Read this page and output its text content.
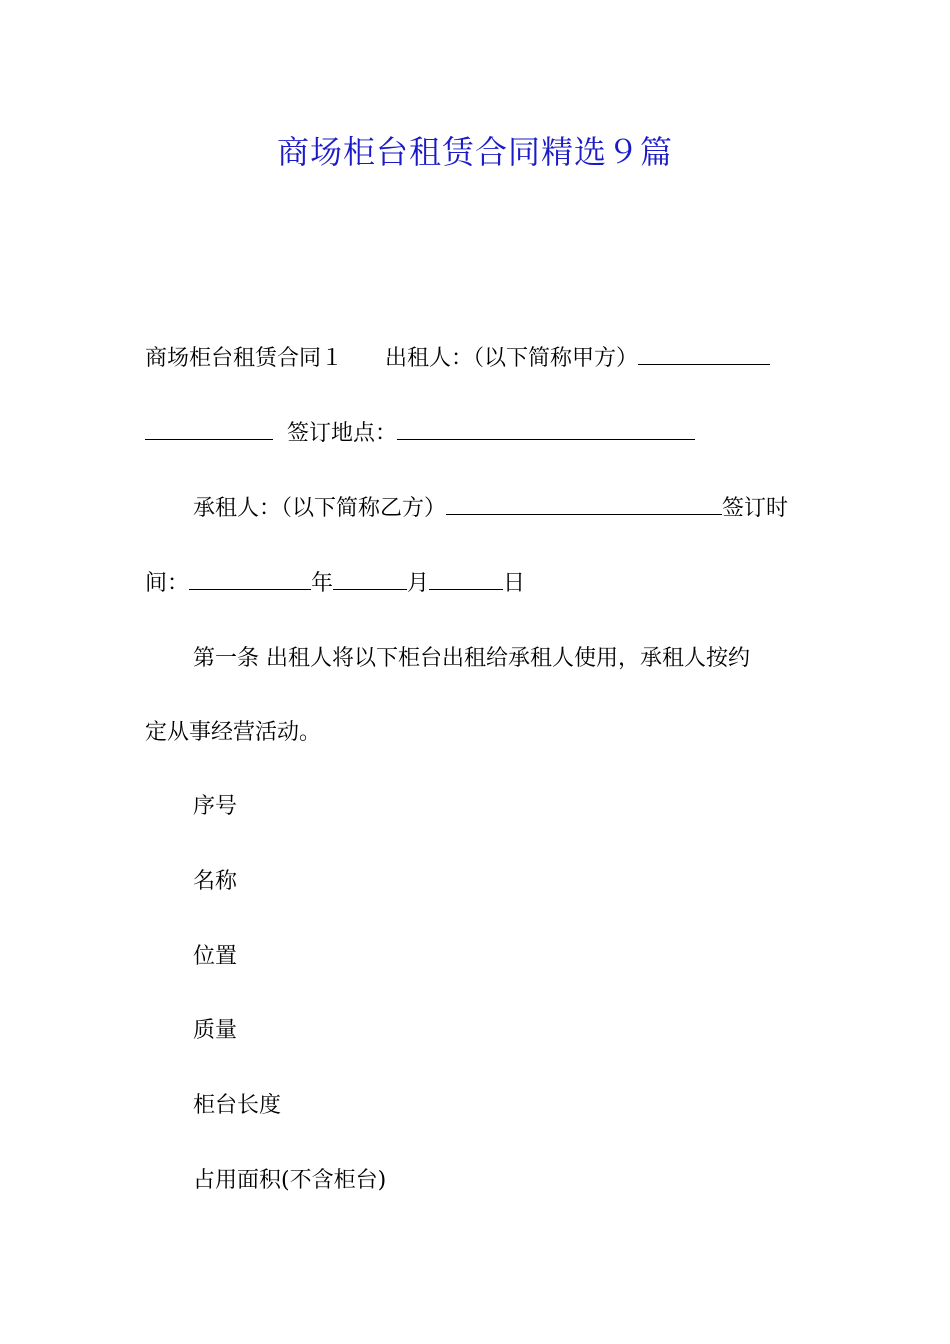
商场柜台租赁合同精选９篇
商场柜台租赁合同１ 出租人：（以下简称甲方）
签订地点：
承租人：（以下简称乙方）	签订时
间：	年	月	日
第一条 出租人将以下柜台出租给承租人使用，承租人按约
定从事经营活动。
序号
名称
位置
质量
柜台长度
占用面积(不含柜台)
